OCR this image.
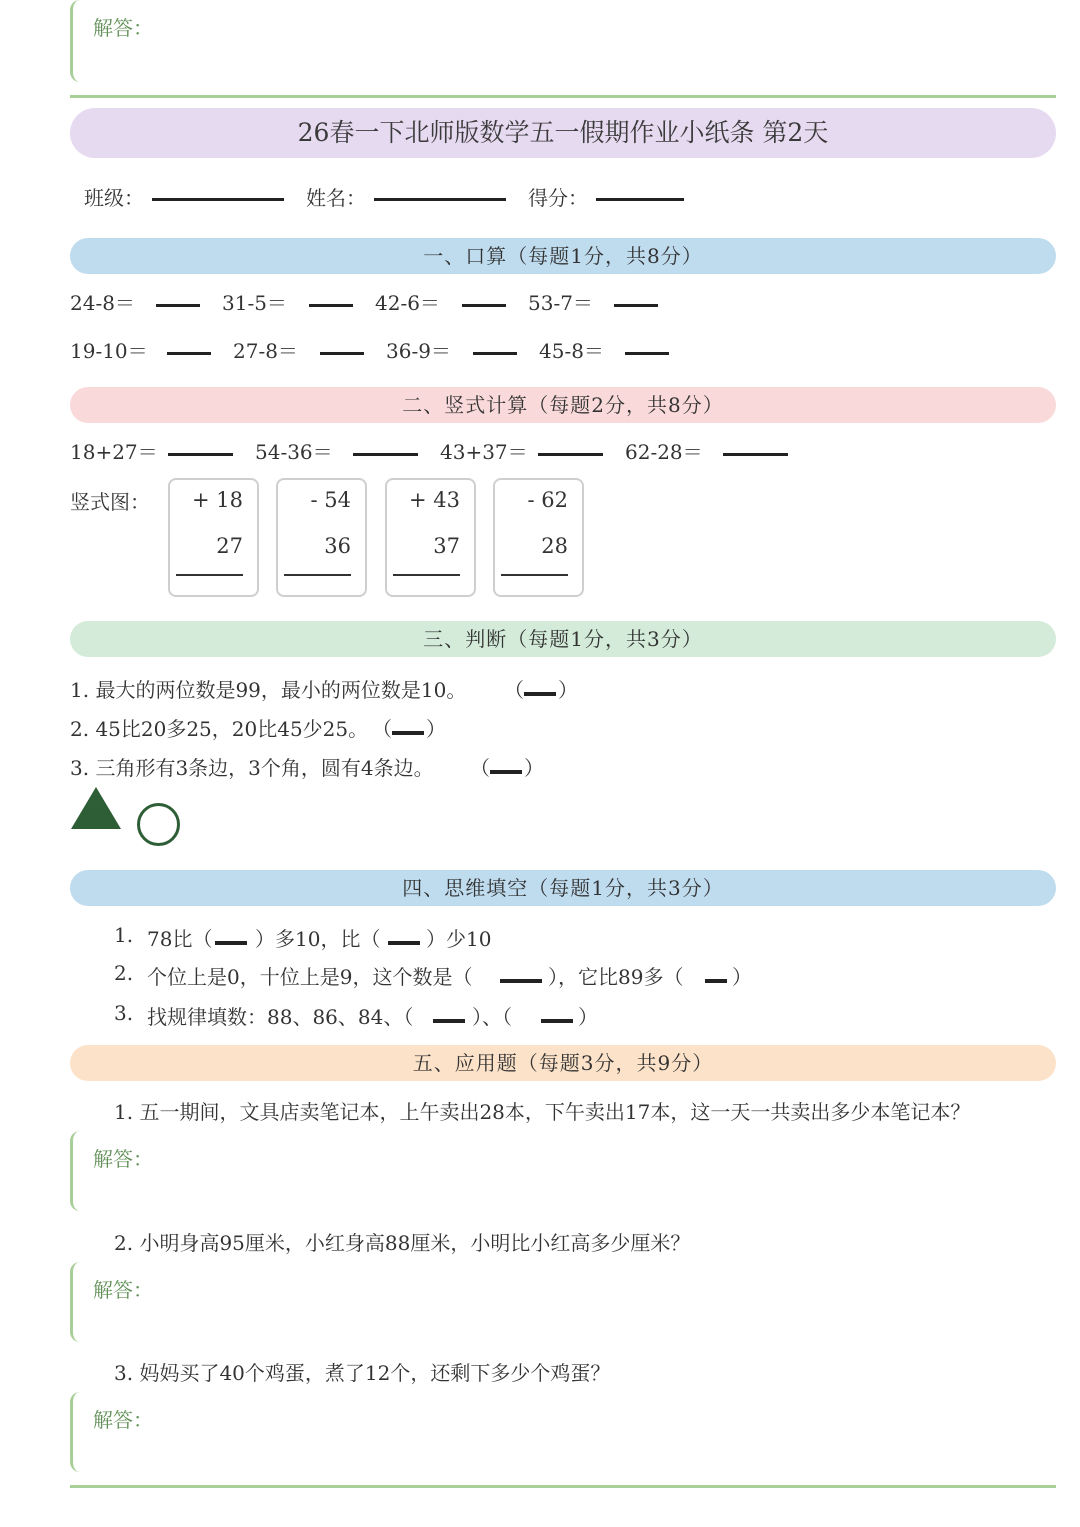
解答：
26春一下北师版数学五一假期作业小纸条 第2天
班级：	姓名：	得分：
一、口算（每题1分，共8分）
24-8＝	31-5＝	42-6＝	53-7＝
19-10＝	27-8＝	36-9＝	45-8＝
二、竖式计算（每题2分，共8分）
18+27＝	54-36＝	43+37＝	62-28＝
竖式图： + 18
27
- 54
36
+ 43
37
- 62
28
三、判断（每题1分，共3分）
1. 最大的两位数是99，最小的两位数是10。 （ ）
2. 45比20多25，20比45少25。 （ ）
3. 三角形有3条边，3个角，圆有4条边。 （ ）
四、思维填空（每题1分，共3分）
1. 78比（ ）多10，比（ ）少10
2. 个位上是0，十位上是9，这个数是（	），它比89多（ ）
3. 找规律填数：88、86、84、（	）、（	）
五、应用题（每题3分，共9分）
1. 五一期间，文具店卖笔记本，上午卖出28本，下午卖出17本，这一天一共卖出多少本笔记本？
解答：
2. 小明身高95厘米，小红身高88厘米，小明比小红高多少厘米？
解答：
3. 妈妈买了40个鸡蛋，煮了12个，还剩下多少个鸡蛋？
解答：
